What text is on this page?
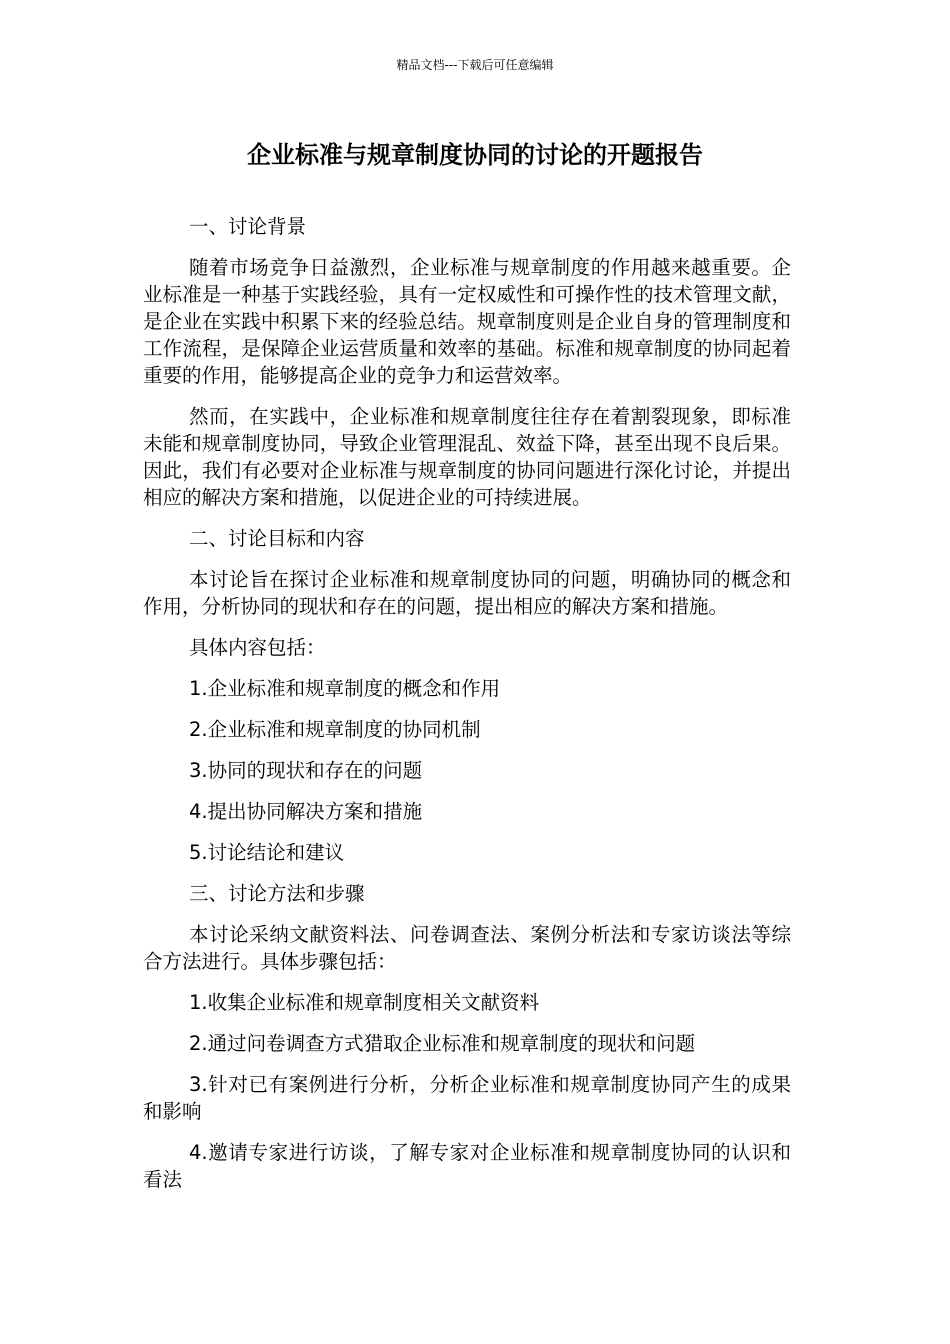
精品文档---下载后可任意编辑
企业标准与规章制度协同的讨论的开题报告

一、讨论背景

随着市场竞争日益激烈，企业标准与规章制度的作用越来越重要。企业标准是一种基于实践经验，具有一定权威性和可操作性的技术管理文献，是企业在实践中积累下来的经验总结。规章制度则是企业自身的管理制度和工作流程，是保障企业运营质量和效率的基础。标准和规章制度的协同起着重要的作用，能够提高企业的竞争力和运营效率。

然而，在实践中，企业标准和规章制度往往存在着割裂现象，即标准未能和规章制度协同，导致企业管理混乱、效益下降，甚至出现不良后果。因此，我们有必要对企业标准与规章制度的协同问题进行深化讨论，并提出相应的解决方案和措施，以促进企业的可持续进展。

二、讨论目标和内容

本讨论旨在探讨企业标准和规章制度协同的问题，明确协同的概念和作用，分析协同的现状和存在的问题，提出相应的解决方案和措施。

具体内容包括：

1.企业标准和规章制度的概念和作用

2.企业标准和规章制度的协同机制

3.协同的现状和存在的问题

4.提出协同解决方案和措施

5.讨论结论和建议

三、讨论方法和步骤

本讨论采纳文献资料法、问卷调查法、案例分析法和专家访谈法等综合方法进行。具体步骤包括：

1.收集企业标准和规章制度相关文献资料

2.通过问卷调查方式猎取企业标准和规章制度的现状和问题

3.针对已有案例进行分析，分析企业标准和规章制度协同产生的成果和影响

4.邀请专家进行访谈，了解专家对企业标准和规章制度协同的认识和看法
